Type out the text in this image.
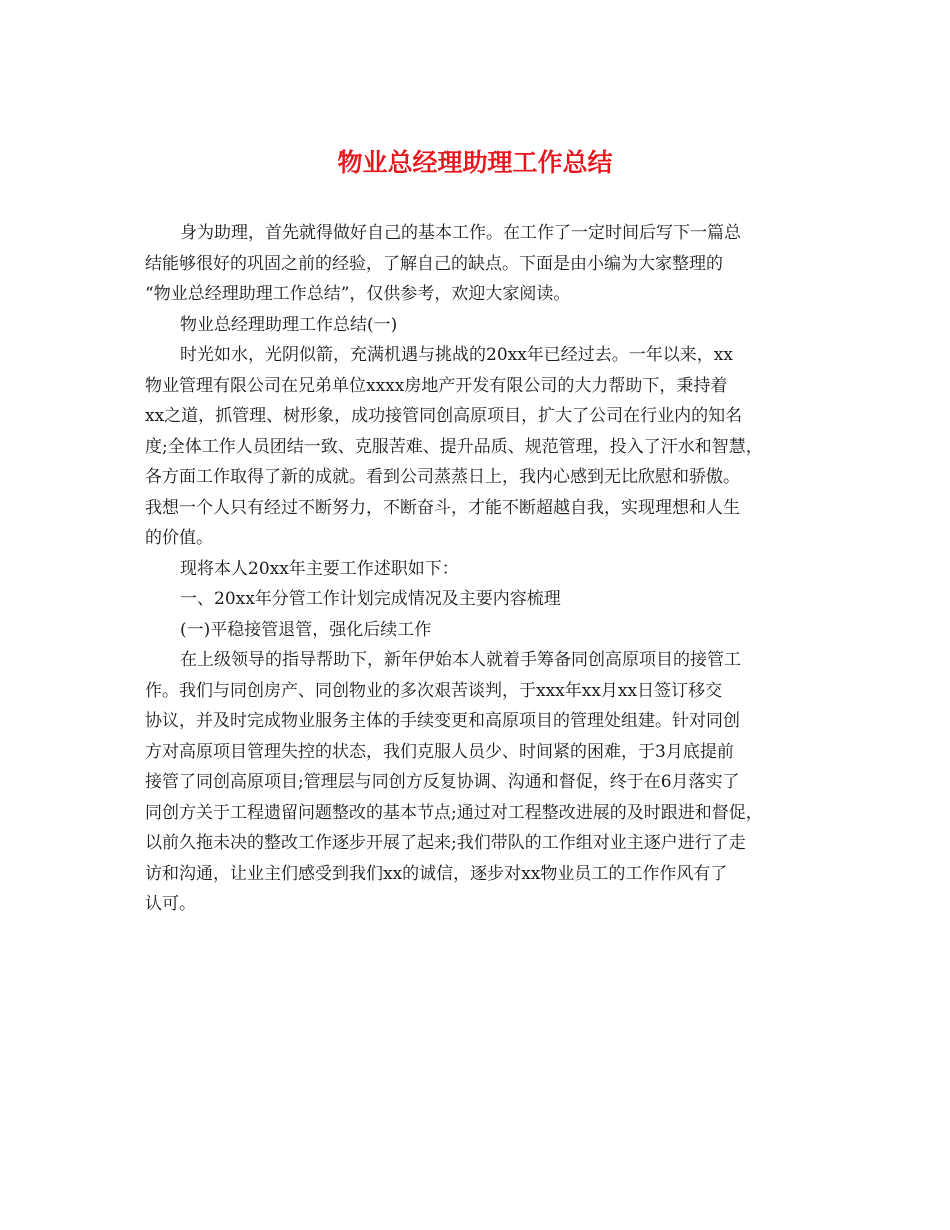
物业总经理助理工作总结
身为助理，首先就得做好自己的基本工作。在工作了一定时间后写下一篇总
结能够很好的巩固之前的经验，了解自己的缺点。下面是由小编为大家整理的
“物业总经理助理工作总结”，仅供参考，欢迎大家阅读。
物业总经理助理工作总结(一)
时光如水，光阴似箭，充满机遇与挑战的20xx年已经过去。一年以来，xx
物业管理有限公司在兄弟单位xxxx房地产开发有限公司的大力帮助下，秉持着
xx之道，抓管理、树形象，成功接管同创高原项目，扩大了公司在行业内的知名
度;全体工作人员团结一致、克服苦难、提升品质、规范管理，投入了汗水和智慧，
各方面工作取得了新的成就。看到公司蒸蒸日上，我内心感到无比欣慰和骄傲。
我想一个人只有经过不断努力，不断奋斗，才能不断超越自我，实现理想和人生
的价值。
现将本人20xx年主要工作述职如下：
一、20xx年分管工作计划完成情况及主要内容梳理
(一)平稳接管退管，强化后续工作
在上级领导的指导帮助下，新年伊始本人就着手筹备同创高原项目的接管工
作。我们与同创房产、同创物业的多次艰苦谈判，于xxx年xx月xx日签订移交
协议，并及时完成物业服务主体的手续变更和高原项目的管理处组建。针对同创
方对高原项目管理失控的状态，我们克服人员少、时间紧的困难，于3月底提前
接管了同创高原项目;管理层与同创方反复协调、沟通和督促，终于在6月落实了
同创方关于工程遗留问题整改的基本节点;通过对工程整改进展的及时跟进和督促，
以前久拖未决的整改工作逐步开展了起来;我们带队的工作组对业主逐户进行了走
访和沟通，让业主们感受到我们xx的诚信，逐步对xx物业员工的工作作风有了
认可。
